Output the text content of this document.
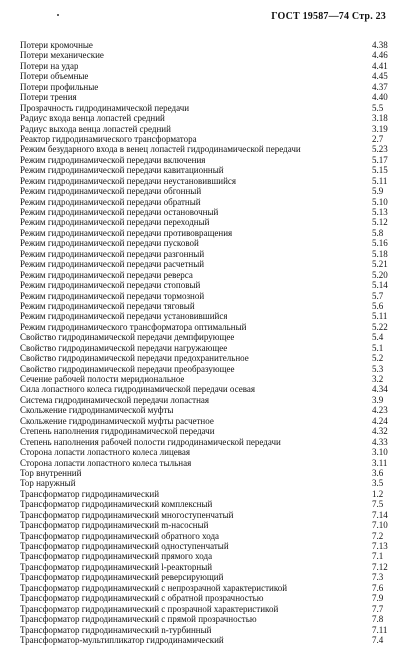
ГОСТ 19587—74 Стр. 23
Потери кромочные	4.38
Потери механические	4.46
Потери на удар	4.41
Потери объемные	4.45
Потери профильные	4.37
Потери трения	4.40
Прозрачность гидродинамической передачи	5.5
Радиус входа венца лопастей средний	3.18
Радиус выхода венца лопастей средний	3.19
Реактор гидродинамического трансформатора	2.7
Режим безударного входа в венец лопастей гидродинамической передачи	5.23
Режим гидродинамической передачи включения	5.17
Режим гидродинамической передачи кавитационный	5.15
Режим гидродинамической передачи неустановившийся	5.11
Режим гидродинамической передачи обгонный	5.9
Режим гидродинамической передачи обратный	5.10
Режим гидродинамической передачи остановочный	5.13
Режим гидродинамической передачи переходный	5.12
Режим гидродинамической передачи противовращения	5.8
Режим гидродинамической передачи пусковой	5.16
Режим гидродинамической передачи разгонный	5.18
Режим гидродинамической передачи расчетный	5.21
Режим гидродинамической передачи реверса	5.20
Режим гидродинамической передачи стоповый	5.14
Режим гидродинамической передачи тормозной	5.7
Режим гидродинамической передачи тяговый	5.6
Режим гидродинамической передачи установившийся	5.11
Режим гидродинамического трансформатора оптимальный	5.22
Свойство гидродинамической передачи демпфирующее	5.4
Свойство гидродинамической передачи нагружающее	5.1
Свойство гидродинамической передачи предохранительное	5.2
Свойство гидродинамической передачи преобразующее	5.3
Сечение рабочей полости меридиональное	3.2
Сила лопастного колеса гидродинамической передачи осевая	4.34
Система гидродинамической передачи лопастная	3.9
Скольжение гидродинамической муфты	4.23
Скольжение гидродинамической муфты расчетное	4.24
Степень наполнения гидродинамической передачи	4.32
Степень наполнения рабочей полости гидродинамической передачи	4.33
Сторона лопасти лопастного колеса лицевая	3.10
Сторона лопасти лопастного колеса тыльная	3.11
Тор внутренний	3.6
Тор наружный	3.5
Трансформатор гидродинамический	1.2
Трансформатор гидродинамический комплексный	7.5
Трансформатор гидродинамический многоступенчатый	7.14
Трансформатор гидродинамический m-насосный	7.10
Трансформатор гидродинамический обратного хода	7.2
Трансформатор гидродинамический одноступенчатый	7.13
Трансформатор гидродинамический прямого хода	7.1
Трансформатор гидродинамический l-реакторный	7.12
Трансформатор гидродинамический реверсирующий	7.3
Трансформатор гидродинамический с непрозрачной характеристикой	7.6
Трансформатор гидродинамический с обратной прозрачностью	7.9
Трансформатор гидродинамический с прозрачной характеристикой	7.7
Трансформатор гидродинамический с прямой прозрачностью	7.8
Трансформатор гидродинамический n-турбинный	7.11
Трансформатор-мультипликатор гидродинамический	7.4
